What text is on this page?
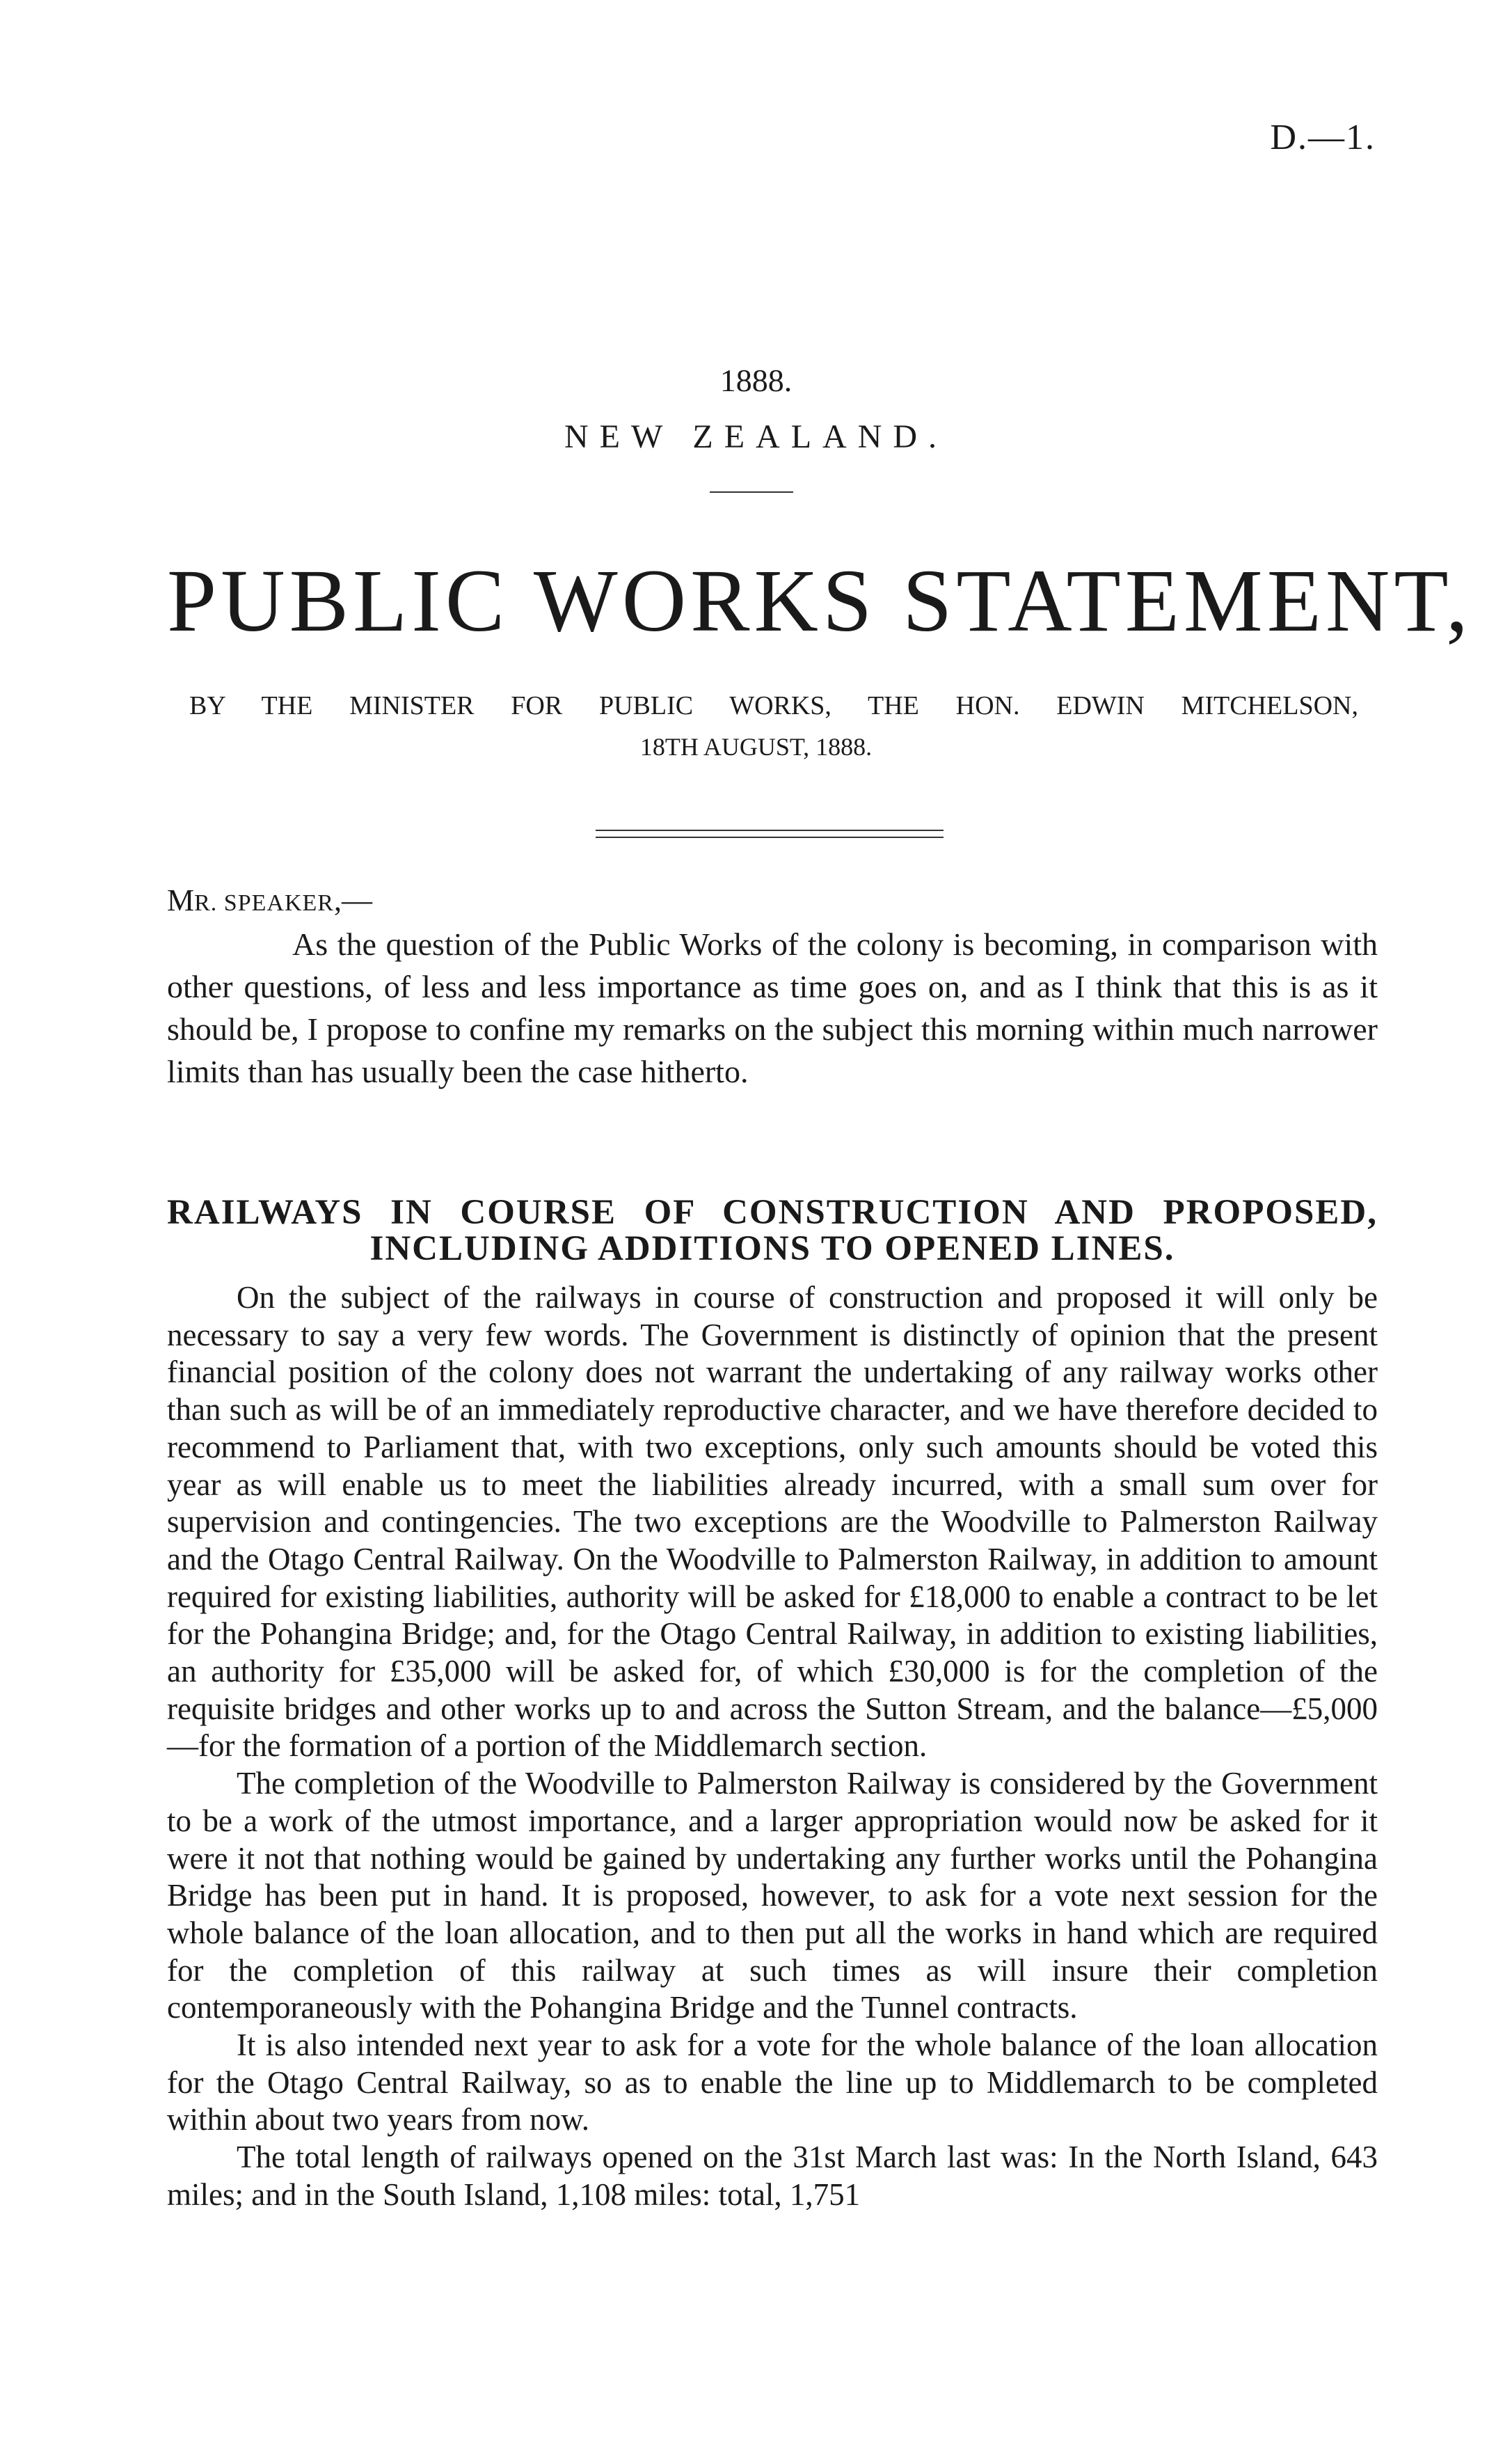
D.—1.
1888.
NEW ZEALAND.
PUBLIC WORKS STATEMENT,
BY THE MINISTER FOR PUBLIC WORKS, THE HON. EDWIN MITCHELSON,
18TH AUGUST, 1888.
MR. SPEAKER,—

As the question of the Public Works of the colony is becoming, in comparison with other questions, of less and less importance as time goes on, and as I think that this is as it should be, I propose to confine my remarks on the subject this morning within much narrower limits than has usually been the case hitherto.

RAILWAYS IN COURSE OF CONSTRUCTION AND PROPOSED, INCLUDING ADDITIONS TO OPENED LINES.

On the subject of the railways in course of construction and proposed it will only be necessary to say a very few words. The Government is distinctly of opinion that the present financial position of the colony does not warrant the undertaking of any railway works other than such as will be of an immediately reproductive character, and we have therefore decided to recommend to Parliament that, with two exceptions, only such amounts should be voted this year as will enable us to meet the liabilities already incurred, with a small sum over for supervision and contingencies. The two exceptions are the Woodville to Palmerston Railway and the Otago Central Railway. On the Woodville to Palmerston Railway, in addition to amount required for existing liabilities, authority will be asked for £18,000 to enable a contract to be let for the Pohangina Bridge; and, for the Otago Central Railway, in addition to existing liabilities, an authority for £35,000 will be asked for, of which £30,000 is for the completion of the requisite bridges and other works up to and across the Sutton Stream, and the balance—£5,000—for the formation of a portion of the Middlemarch section.

The completion of the Woodville to Palmerston Railway is considered by the Government to be a work of the utmost importance, and a larger appropriation would now be asked for it were it not that nothing would be gained by undertaking any further works until the Pohangina Bridge has been put in hand. It is proposed, however, to ask for a vote next session for the whole balance of the loan allocation, and to then put all the works in hand which are required for the completion of this railway at such times as will insure their completion contemporaneously with the Pohangina Bridge and the Tunnel contracts.

It is also intended next year to ask for a vote for the whole balance of the loan allocation for the Otago Central Railway, so as to enable the line up to Middlemarch to be completed within about two years from now.

The total length of railways opened on the 31st March last was: In the North Island, 643 miles; and in the South Island, 1,108 miles: total, 1,751
